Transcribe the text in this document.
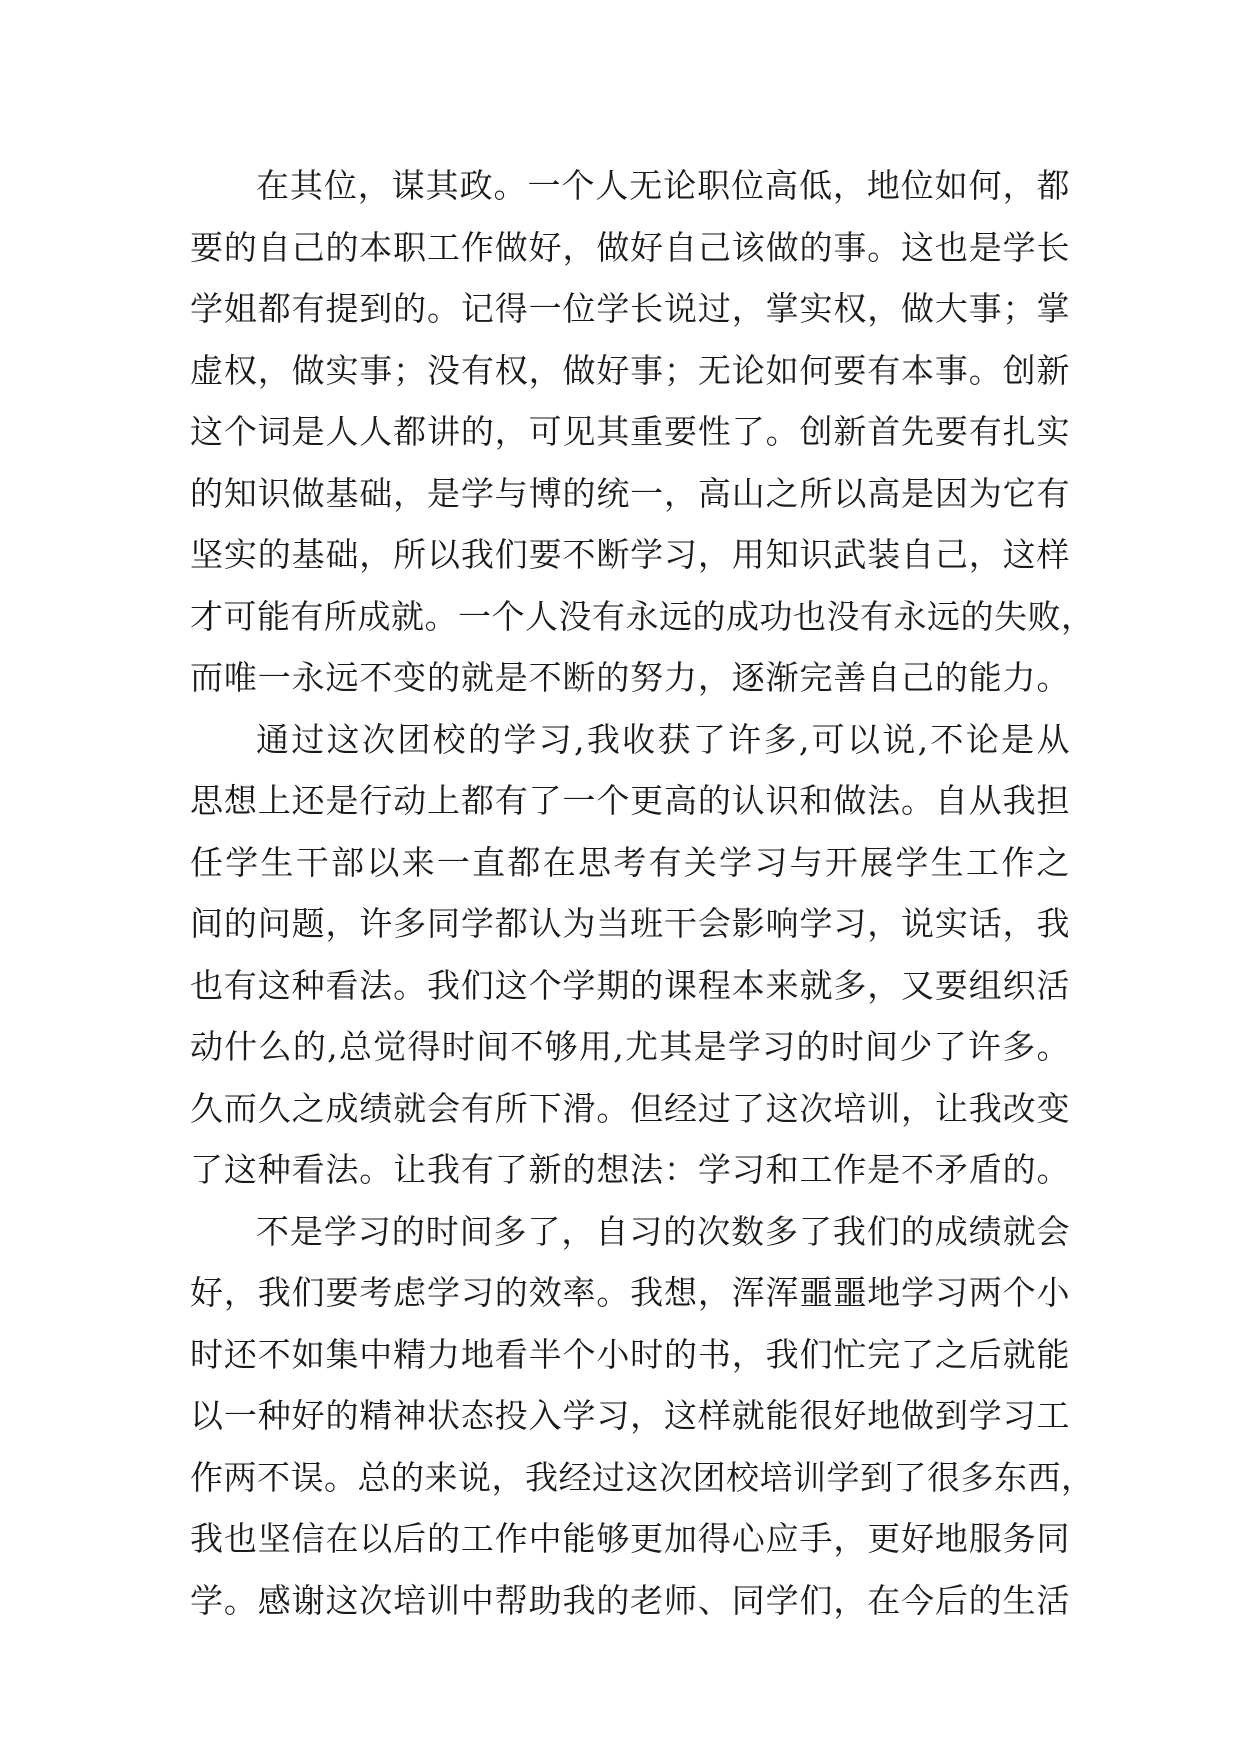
在其位，谋其政。一个人无论职位高低，地位如何，都
要的自己的本职工作做好，做好自己该做的事。这也是学长
学姐都有提到的。记得一位学长说过，掌实权，做大事；掌
虚权，做实事；没有权，做好事；无论如何要有本事。创新
这个词是人人都讲的，可见其重要性了。创新首先要有扎实
的知识做基础，是学与博的统一，高山之所以高是因为它有
坚实的基础，所以我们要不断学习，用知识武装自己，这样
才可能有所成就。一个人没有永远的成功也没有永远的失败，
而唯一永远不变的就是不断的努力，逐渐完善自己的能力。
通过这次团校的学习,我收获了许多,可以说,不论是从
思想上还是行动上都有了一个更高的认识和做法。自从我担
任学生干部以来一直都在思考有关学习与开展学生工作之
间的问题，许多同学都认为当班干会影响学习，说实话，我
也有这种看法。我们这个学期的课程本来就多，又要组织活
动什么的,总觉得时间不够用,尤其是学习的时间少了许多。
久而久之成绩就会有所下滑。但经过了这次培训，让我改变
了这种看法。让我有了新的想法：学习和工作是不矛盾的。
不是学习的时间多了，自习的次数多了我们的成绩就会
好，我们要考虑学习的效率。我想，浑浑噩噩地学习两个小
时还不如集中精力地看半个小时的书，我们忙完了之后就能
以一种好的精神状态投入学习，这样就能很好地做到学习工
作两不误。总的来说，我经过这次团校培训学到了很多东西，
我也坚信在以后的工作中能够更加得心应手，更好地服务同
学。感谢这次培训中帮助我的老师、同学们，在今后的生活
